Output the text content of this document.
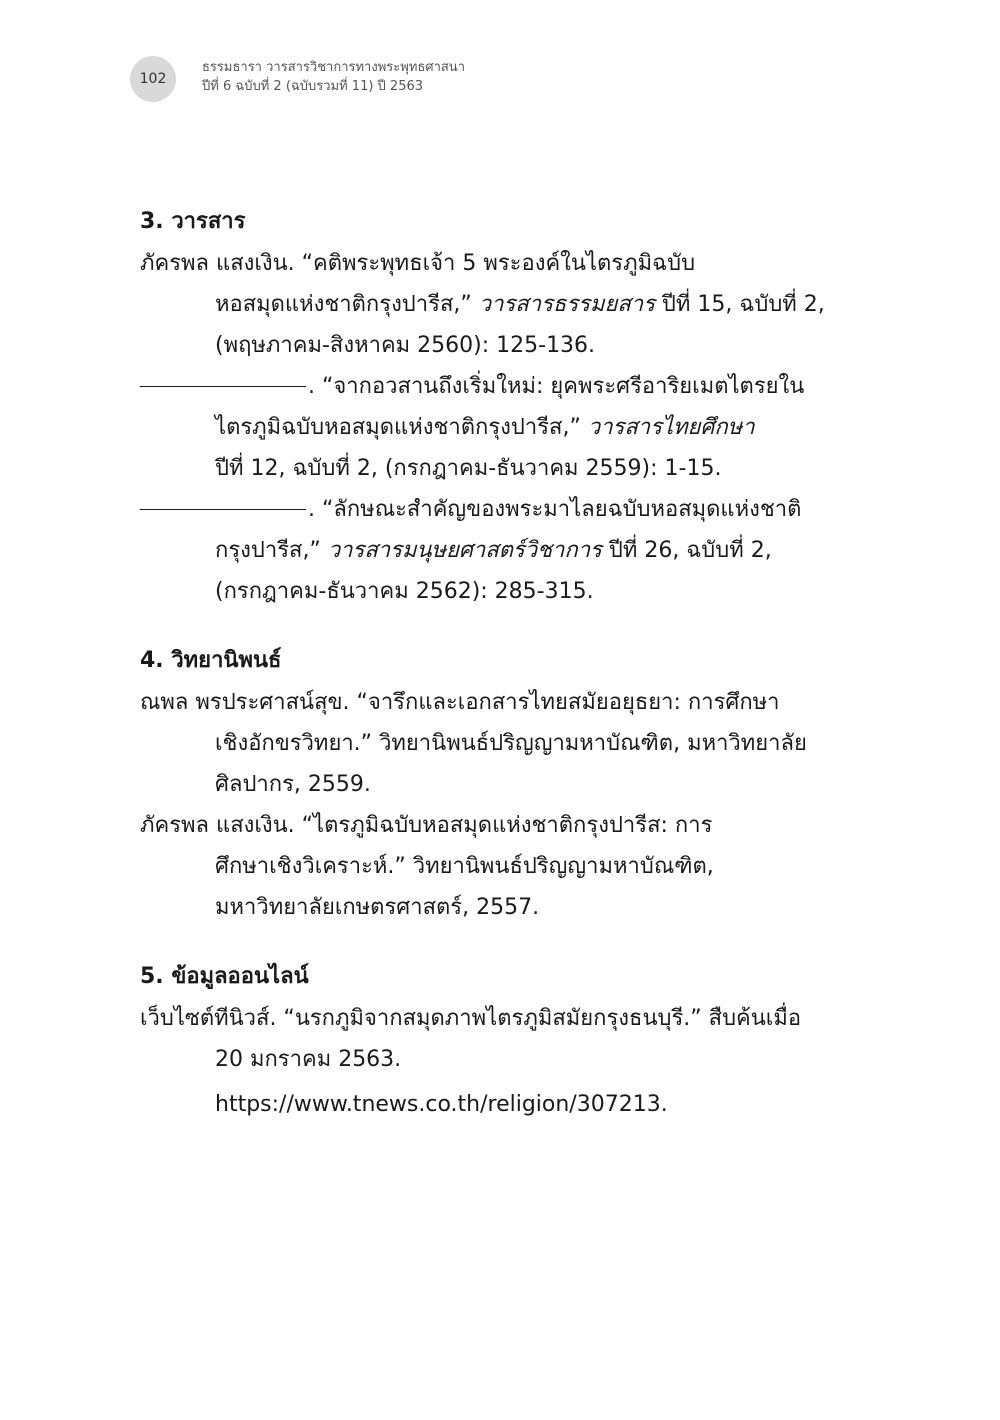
102
ธรรมธารา วารสารวิชาการทางพระพุทธศาสนา
ปีที่ 6 ฉบับที่ 2 (ฉบับรวมที่ 11) ปี 2563
3. วารสาร
ภัครพล แสงเงิน. “คติพระพุทธเจ้า 5 พระองค์ในไตรภูมิฉบับ
หอสมุดแห่งชาติกรุงปารีส,” วารสารธรรมยสาร ปีที่ 15, ฉบับที่ 2,
(พฤษภาคม-สิงหาคม 2560): 125-136.
. “จากอวสานถึงเริ่มใหม่: ยุคพระศรีอาริยเมตไตรยใน
ไตรภูมิฉบับหอสมุดแห่งชาติกรุงปารีส,” วารสารไทยศึกษา
ปีที่ 12, ฉบับที่ 2, (กรกฎาคม-ธันวาคม 2559): 1-15.
. “ลักษณะสำคัญของพระมาไลยฉบับหอสมุดแห่งชาติ
กรุงปารีส,” วารสารมนุษยศาสตร์วิชาการ ปีที่ 26, ฉบับที่ 2,
(กรกฎาคม-ธันวาคม 2562): 285-315.
4. วิทยานิพนธ์
ณพล พรประศาสน์สุข. “จารึกและเอกสารไทยสมัยอยุธยา: การศึกษา
เชิงอักขรวิทยา.” วิทยานิพนธ์ปริญญามหาบัณฑิต, มหาวิทยาลัย
ศิลปากร, 2559.
ภัครพล แสงเงิน. “ไตรภูมิฉบับหอสมุดแห่งชาติกรุงปารีส: การ
ศึกษาเชิงวิเคราะห์.” วิทยานิพนธ์ปริญญามหาบัณฑิต,
มหาวิทยาลัยเกษตรศาสตร์, 2557.
5. ข้อมูลออนไลน์
เว็บไซต์ทีนิวส์. “นรกภูมิจากสมุดภาพไตรภูมิสมัยกรุงธนบุรี.” สืบค้นเมื่อ
20 มกราคม 2563.
https://www.tnews.co.th/religion/307213.
